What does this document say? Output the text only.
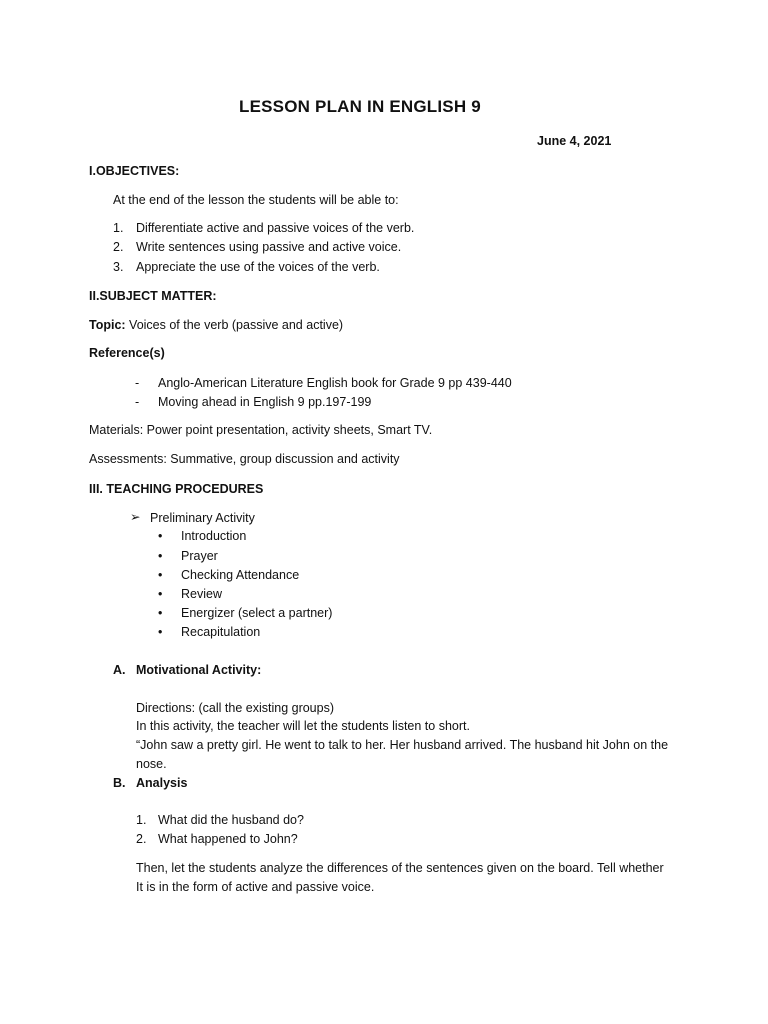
LESSON PLAN IN ENGLISH 9
June 4, 2021
I.OBJECTIVES:
At the end of the lesson the students will be able to:
1. Differentiate active and passive voices of the verb.
2. Write sentences using passive and active voice.
3. Appreciate the use of the voices of the verb.
II.SUBJECT MATTER:
Topic: Voices of the verb (passive and active)
Reference(s)
- Anglo-American Literature English book for Grade 9 pp 439-440
- Moving ahead in English 9 pp.197-199
Materials: Power point presentation, activity sheets, Smart TV.
Assessments: Summative, group discussion and activity
III. TEACHING PROCEDURES
➢ Preliminary Activity
• Introduction
• Prayer
• Checking Attendance
• Review
• Energizer (select a partner)
• Recapitulation
A. Motivational Activity:
Directions: (call the existing groups)
In this activity, the teacher will let the students listen to short.
“John saw a pretty girl. He went to talk to her. Her husband arrived. The husband hit John on the
nose.
B. Analysis
1. What did the husband do?
2. What happened to John?
Then, let the students analyze the differences of the sentences given on the board. Tell whether
It is in the form of active and passive voice.
